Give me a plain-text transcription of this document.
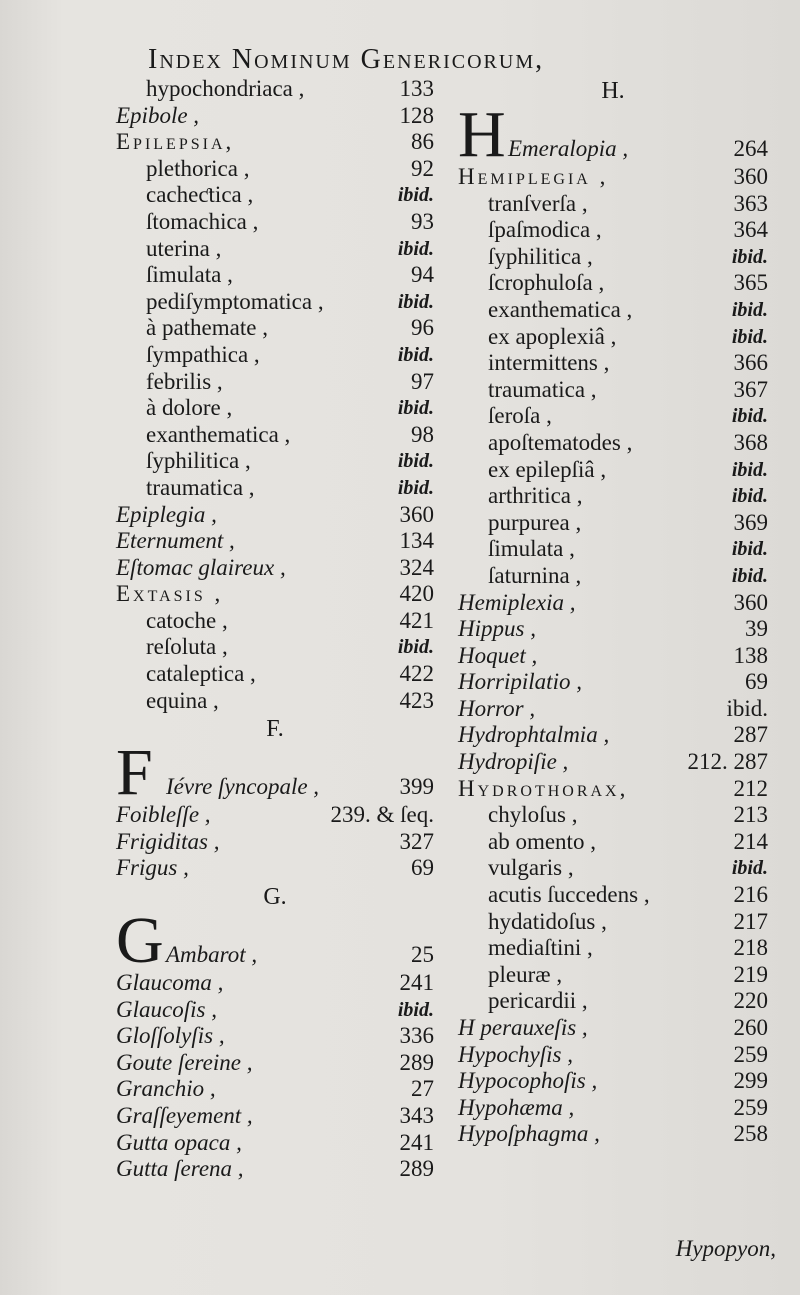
Index Nominum Genericorum,
hypochondriaca ,	133
Epibole ,	128
Epilepsia,	86
plethorica ,	92
cacheƈtica ,	ibid.
ſtomachica ,	93
uterina ,	ibid.
ſimulata ,	94
pediſymptomatica ,	ibid.
à pathemate ,	96
ſympathica ,	ibid.
febrilis ,	97
à dolore ,	ibid.
exanthematica ,	98
ſyphilitica ,	ibid.
traumatica ,	ibid.
Epiplegia ,	360
Eternument ,	134
Eſtomac glaireux ,	324
Extasis ,	420
catoche ,	421
reſoluta ,	ibid.
cataleptica ,	422
equina ,	423
F.
F Iévre ſyncopale ,	399
Foibleſſe ,	239. & ſeq.
Frigiditas ,	327
Frigus ,	69
G.
G Ambarot ,	25
Glaucoma ,	241
Glaucoſis ,	ibid.
Gloſſolyſis ,	336
Goute ſereine ,	289
Granchio ,	27
Graſſeyement ,	343
Gutta opaca ,	241
Gutta ſerena ,	289
H.
H Emeralopia ,	264
Hemiplegia ,	360
tranſverſa ,	363
ſpaſmodica ,	364
ſyphilitica ,	ibid.
ſcrophuloſa ,	365
exanthematica ,	ibid.
ex apoplexiâ ,	ibid.
intermittens ,	366
traumatica ,	367
ſeroſa ,	ibid.
apoſtematodes ,	368
ex epilepſiâ ,	ibid.
arthritica ,	ibid.
purpurea ,	369
ſimulata ,	ibid.
ſaturnina ,	ibid.
Hemiplexia ,	360
Hippus ,	39
Hoquet ,	138
Horripilatio ,	69
Horror ,	ibid.
Hydrophtalmia ,	287
Hydropiſie ,	212. 287
Hydrothorax,	212
chyloſus ,	213
ab omento ,	214
vulgaris ,	ibid.
acutis ſuccedens ,	216
hydatidoſus ,	217
mediaſtini ,	218
pleuræ ,	219
pericardii ,	220
H perauxeſis ,	260
Hypochyſis ,	259
Hypocophoſis ,	299
Hypohæma ,	259
Hypoſphagma ,	258
Hypopyon,
